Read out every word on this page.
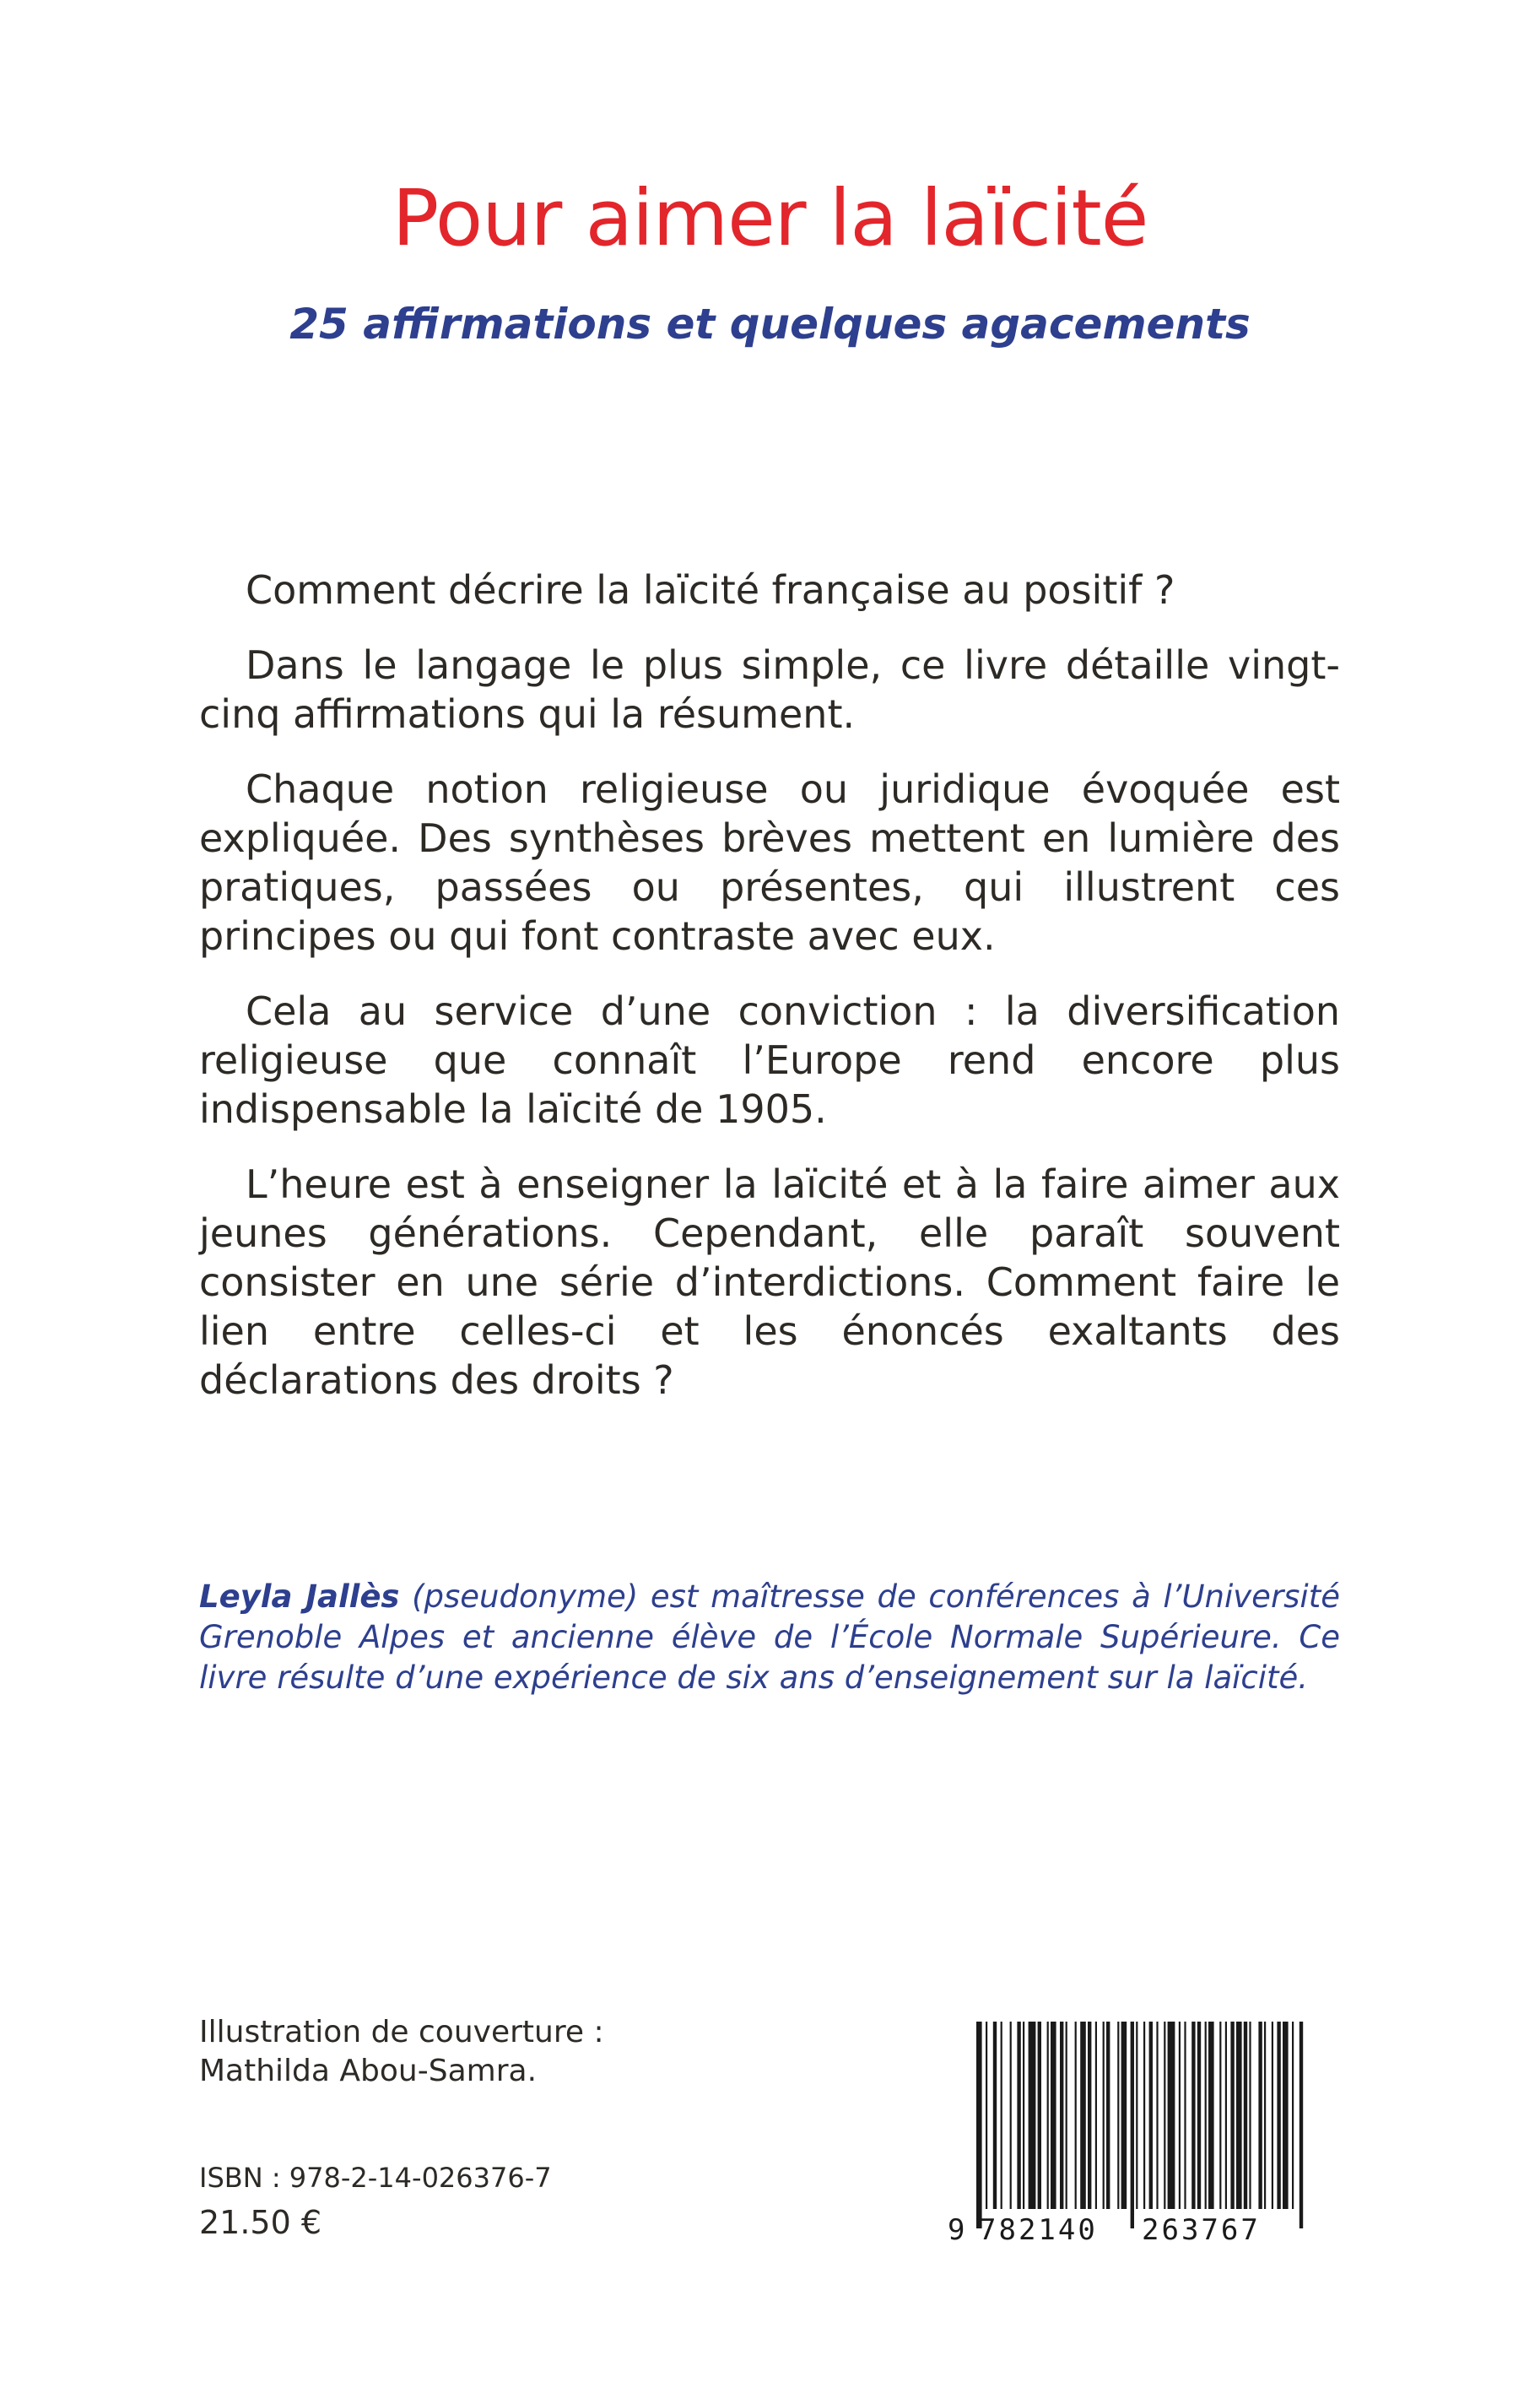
Pour aimer la laïcité
25 affirmations et quelques agacements

Comment décrire la laïcité française au positif ?

Dans le langage le plus simple, ce livre détaille vingt-cinq affirmations qui la résument.

Chaque notion religieuse ou juridique évoquée est expliquée. Des synthèses brèves mettent en lumière des pratiques, passées ou présentes, qui illustrent ces principes ou qui font contraste avec eux.

Cela au service d’une conviction : la diversification religieuse que connaît l’Europe rend encore plus indispensable la laïcité de 1905.

L’heure est à enseigner la laïcité et à la faire aimer aux jeunes générations. Cependant, elle paraît souvent consister en une série d’interdictions. Comment faire le lien entre celles-ci et les énoncés exaltants des déclarations des droits ?

Leyla Jallès (pseudonyme) est maîtresse de conférences à l’Université Grenoble Alpes et ancienne élève de l’École Normale Supérieure. Ce livre résulte d’une expérience de six ans d’enseignement sur la laïcité.
Illustration de couverture :
Mathilda Abou-Samra.
ISBN : 978-2-14-026376-7
21.50 €	9 782140 263767
